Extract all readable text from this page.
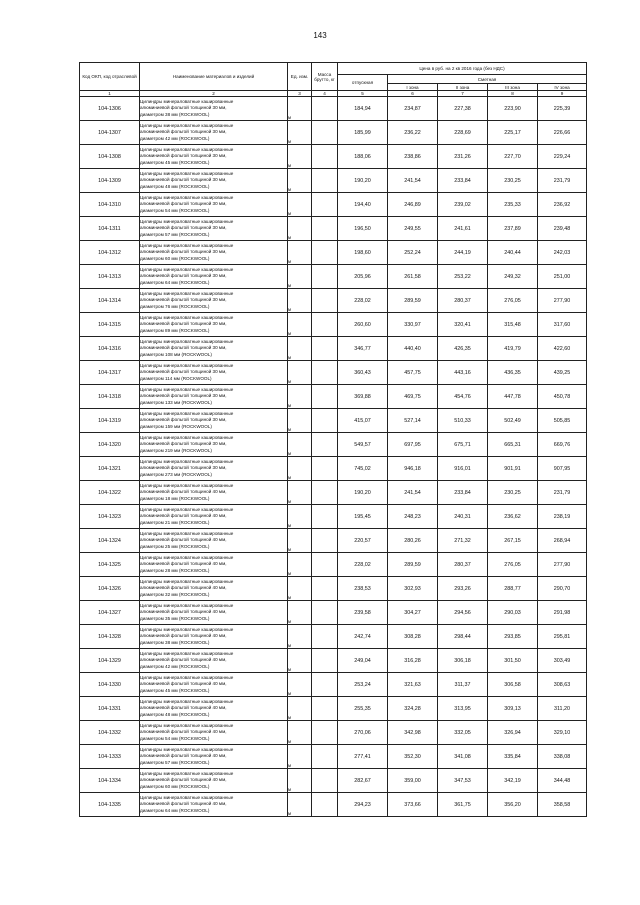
143
Код ОКП, код отраслевой	Наименование материалов и изделий	Ед. изм.	Масса брутто, кг	Цена в руб. на 2 кв 2016 года (без НДС)				
				отпускная	Сметная			
					I зона	II зона	III зона	IV зона
1	2	3	4	5	6	7	8	9
104-1306	Цилиндры минераловатные кашированные
алюминиевой фольгой толщиной 30 мм,
диаметром 38 мм (ROCKWOOL)	м		184,94	234,87	227,38	223,90	225,39
104-1307	Цилиндры минераловатные кашированные
алюминиевой фольгой толщиной 30 мм,
диаметром 42 мм (ROCKWOOL)	м		185,99	236,22	228,69	225,17	226,66
104-1308	Цилиндры минераловатные кашированные
алюминиевой фольгой толщиной 30 мм,
диаметром 45 мм (ROCKWOOL)	м		188,06	238,86	231,26	227,70	229,24
104-1309	Цилиндры минераловатные кашированные
алюминиевой фольгой толщиной 30 мм,
диаметром 48 мм (ROCKWOOL)	м		190,20	241,54	233,84	230,25	231,79
104-1310	Цилиндры минераловатные кашированные
алюминиевой фольгой толщиной 30 мм,
диаметром 54 мм (ROCKWOOL)	м		194,40	246,89	239,02	235,33	236,92
104-1311	Цилиндры минераловатные кашированные
алюминиевой фольгой толщиной 30 мм,
диаметром 57 мм (ROCKWOOL)	м		196,50	249,55	241,61	237,89	239,48
104-1312	Цилиндры минераловатные кашированные
алюминиевой фольгой толщиной 30 мм,
диаметром 60 мм (ROCKWOOL)	м		198,60	252,24	244,19	240,44	242,03
104-1313	Цилиндры минераловатные кашированные
алюминиевой фольгой толщиной 30 мм,
диаметром 64 мм (ROCKWOOL)	м		205,96	261,58	253,22	249,32	251,00
104-1314	Цилиндры минераловатные кашированные
алюминиевой фольгой толщиной 30 мм,
диаметром 76 мм (ROCKWOOL)	м		228,02	289,59	280,37	276,05	277,90
104-1315	Цилиндры минераловатные кашированные
алюминиевой фольгой толщиной 30 мм,
диаметром 89 мм (ROCKWOOL)	м		260,60	330,97	320,41	315,48	317,60
104-1316	Цилиндры минераловатные кашированные
алюминиевой фольгой толщиной 30 мм,
диаметром 108 мм (ROCKWOOL)	м		346,77	440,40	426,35	419,79	422,60
104-1317	Цилиндры минераловатные кашированные
алюминиевой фольгой толщиной 30 мм,
диаметром 114 мм (ROCKWOOL)	м		360,43	457,75	443,16	436,35	439,25
104-1318	Цилиндры минераловатные кашированные
алюминиевой фольгой толщиной 30 мм,
диаметром 133 мм (ROCKWOOL)	м		369,88	469,75	454,76	447,78	450,78
104-1319	Цилиндры минераловатные кашированные
алюминиевой фольгой толщиной 30 мм,
диаметром 159 мм (ROCKWOOL)	м		415,07	527,14	510,33	502,49	505,85
104-1320	Цилиндры минераловатные кашированные
алюминиевой фольгой толщиной 30 мм,
диаметром 219 мм (ROCKWOOL)	м		549,57	697,95	675,71	665,31	669,76
104-1321	Цилиндры минераловатные кашированные
алюминиевой фольгой толщиной 30 мм,
диаметром 273 мм (ROCKWOOL)	м		745,02	946,18	916,01	901,91	907,95
104-1322	Цилиндры минераловатные кашированные
алюминиевой фольгой толщиной 40 мм,
диаметром 18 мм (ROCKWOOL)	м		190,20	241,54	233,84	230,25	231,79
104-1323	Цилиндры минераловатные кашированные
алюминиевой фольгой толщиной 40 мм,
диаметром 21 мм (ROCKWOOL)	м		195,45	248,23	240,31	236,62	238,19
104-1324	Цилиндры минераловатные кашированные
алюминиевой фольгой толщиной 40 мм,
диаметром 25 мм (ROCKWOOL)	м		220,57	280,26	271,32	267,15	268,94
104-1325	Цилиндры минераловатные кашированные
алюминиевой фольгой толщиной 40 мм,
диаметром 28 мм (ROCKWOOL)	м		228,02	289,59	280,37	276,05	277,90
104-1326	Цилиндры минераловатные кашированные
алюминиевой фольгой толщиной 40 мм,
диаметром 32 мм (ROCKWOOL)	м		238,53	302,93	293,26	288,77	290,70
104-1327	Цилиндры минераловатные кашированные
алюминиевой фольгой толщиной 40 мм,
диаметром 35 мм (ROCKWOOL)	м		239,58	304,27	294,56	290,03	291,98
104-1328	Цилиндры минераловатные кашированные
алюминиевой фольгой толщиной 40 мм,
диаметром 38 мм (ROCKWOOL)	м		242,74	308,28	298,44	293,85	295,81
104-1329	Цилиндры минераловатные кашированные
алюминиевой фольгой толщиной 40 мм,
диаметром 42 мм (ROCKWOOL)	м		249,04	316,28	306,18	301,50	303,49
104-1330	Цилиндры минераловатные кашированные
алюминиевой фольгой толщиной 40 мм,
диаметром 45 мм (ROCKWOOL)	м		253,24	321,63	311,37	306,58	308,63
104-1331	Цилиндры минераловатные кашированные
алюминиевой фольгой толщиной 40 мм,
диаметром 48 мм (ROCKWOOL)	м		255,35	324,28	313,95	309,13	311,20
104-1332	Цилиндры минераловатные кашированные
алюминиевой фольгой толщиной 40 мм,
диаметром 54 мм (ROCKWOOL)	м		270,06	342,98	332,05	326,94	329,10
104-1333	Цилиндры минераловатные кашированные
алюминиевой фольгой толщиной 40 мм,
диаметром 57 мм (ROCKWOOL)	м		277,41	352,30	341,08	335,84	338,08
104-1334	Цилиндры минераловатные кашированные
алюминиевой фольгой толщиной 40 мм,
диаметром 60 мм (ROCKWOOL)	м		282,67	359,00	347,53	342,19	344,48
104-1335	Цилиндры минераловатные кашированные
алюминиевой фольгой толщиной 40 мм,
диаметром 64 мм (ROCKWOOL)	м		294,23	373,66	361,75	356,20	358,58
